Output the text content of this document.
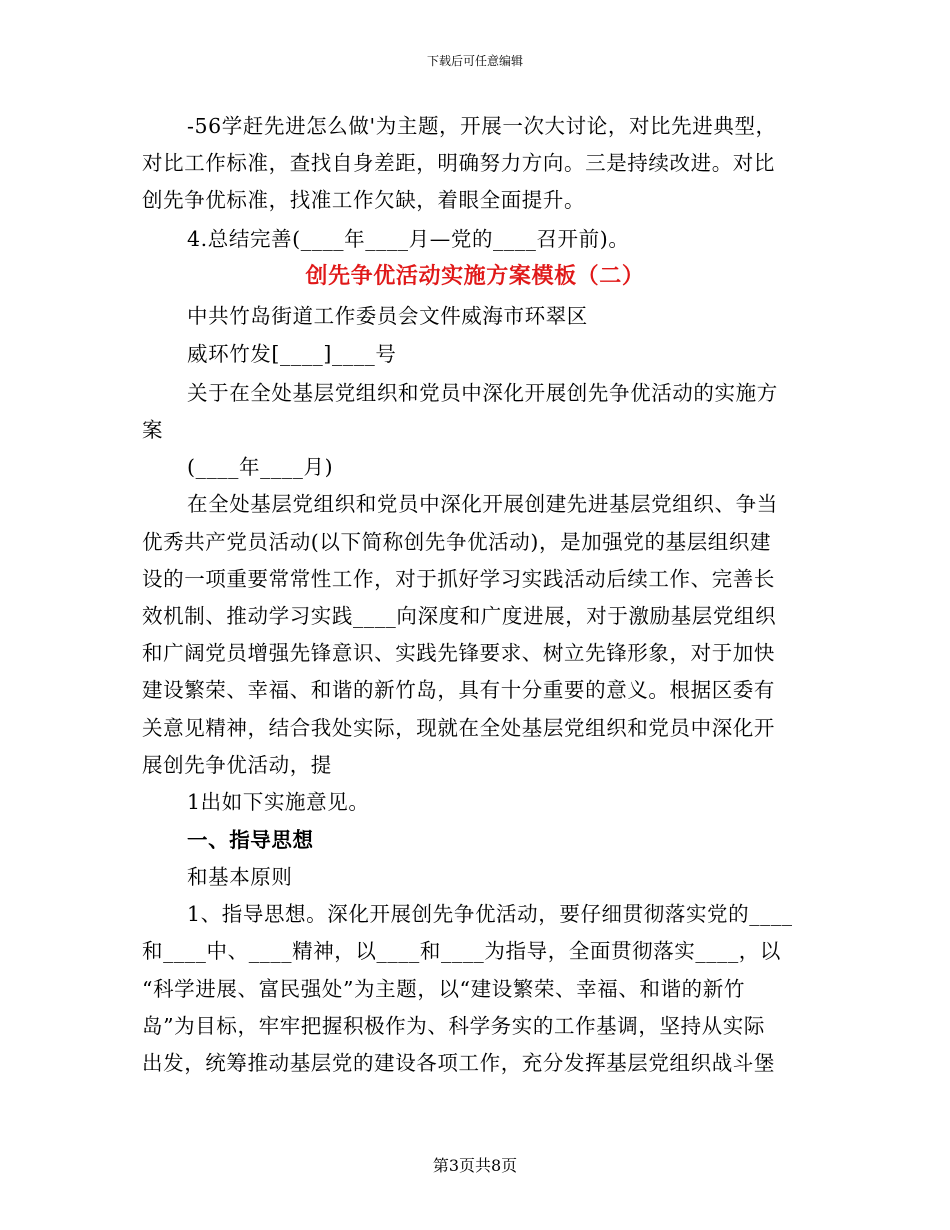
下载后可任意编辑
-56学赶先进怎么做'为主题，开展一次大讨论，对比先进典型，
对比工作标准，查找自身差距，明确努力方向。三是持续改进。对比
创先争优标准，找准工作欠缺，着眼全面提升。
4.总结完善(____年____月—党的____召开前)。
创先争优活动实施方案模板（二）
中共竹岛街道工作委员会文件威海市环翠区
威环竹发[____]____号
关于在全处基层党组织和党员中深化开展创先争优活动的实施方
案
(____年____月)
在全处基层党组织和党员中深化开展创建先进基层党组织、争当
优秀共产党员活动(以下简称创先争优活动)，是加强党的基层组织建
设的一项重要常常性工作，对于抓好学习实践活动后续工作、完善长
效机制、推动学习实践____向深度和广度进展，对于激励基层党组织
和广阔党员增强先锋意识、实践先锋要求、树立先锋形象，对于加快
建设繁荣、幸福、和谐的新竹岛，具有十分重要的意义。根据区委有
关意见精神，结合我处实际，现就在全处基层党组织和党员中深化开
展创先争优活动，提
1出如下实施意见。
一、指导思想
和基本原则
1、指导思想。深化开展创先争优活动，要仔细贯彻落实党的____
和____中、____精神，以____和____为指导，全面贯彻落实____，以
“科学进展、富民强处”为主题，以“建设繁荣、幸福、和谐的新竹
岛”为目标，牢牢把握积极作为、科学务实的工作基调，坚持从实际
出发，统筹推动基层党的建设各项工作，充分发挥基层党组织战斗堡
第3页共8页
